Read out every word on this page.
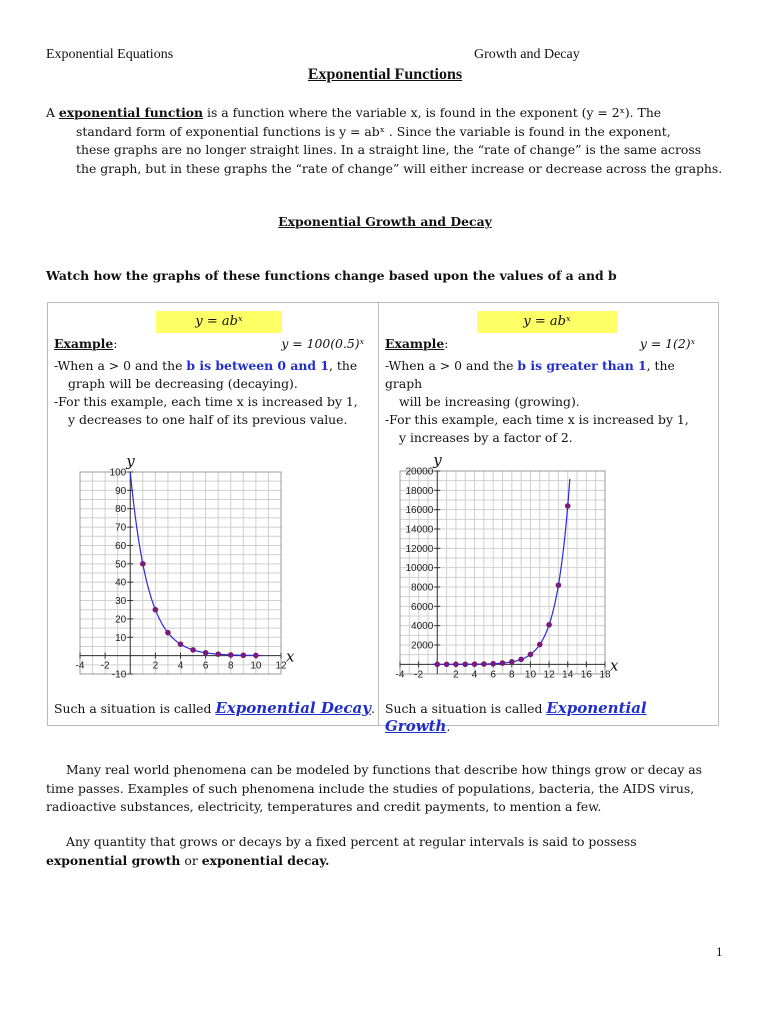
Exponential Equations	Growth and Decay
Exponential Functions
A exponential function is a function where the variable x, is found in the exponent (y = 2ˣ). The
standard form of exponential functions is y = abˣ . Since the variable is found in the exponent,
these graphs are no longer straight lines. In a straight line, the “rate of change” is the same across
the graph, but in these graphs the “rate of change” will either increase or decrease across the graphs.
Exponential Growth and Decay
Watch how the graphs of these functions change based upon the values of a and b
y = abˣ
Example:	y = 100(0.5)ˣ
-When a > 0 and the b is between 0 and 1, the
graph will be decreasing (decaying).
-For this example, each time x is increased by 1,
y decreases to one half of its previous value.
Such a situation is called Exponential Decay.
y = abˣ
Example:	y = 1(2)ˣ
-When a > 0 and the b is greater than 1, the graph
will be increasing (growing).
-For this example, each time x is increased by 1,
y increases by a factor of 2.
Such a situation is called Exponential Growth.
-4 -2	2 4 6 8 10 12
-10
10
20
30
40
50
60
70
80
90
100
x
y
-4 -2	2 4 6 8 10 12 14 16 18
2000
4000
6000
8000
10000
12000
14000
16000
18000
20000
x
y
Many real world phenomena can be modeled by functions that describe how things grow or decay as
time passes. Examples of such phenomena include the studies of populations, bacteria, the AIDS virus,
radioactive substances, electricity, temperatures and credit payments, to mention a few.
Any quantity that grows or decays by a fixed percent at regular intervals is said to possess
exponential growth or exponential decay.
1
